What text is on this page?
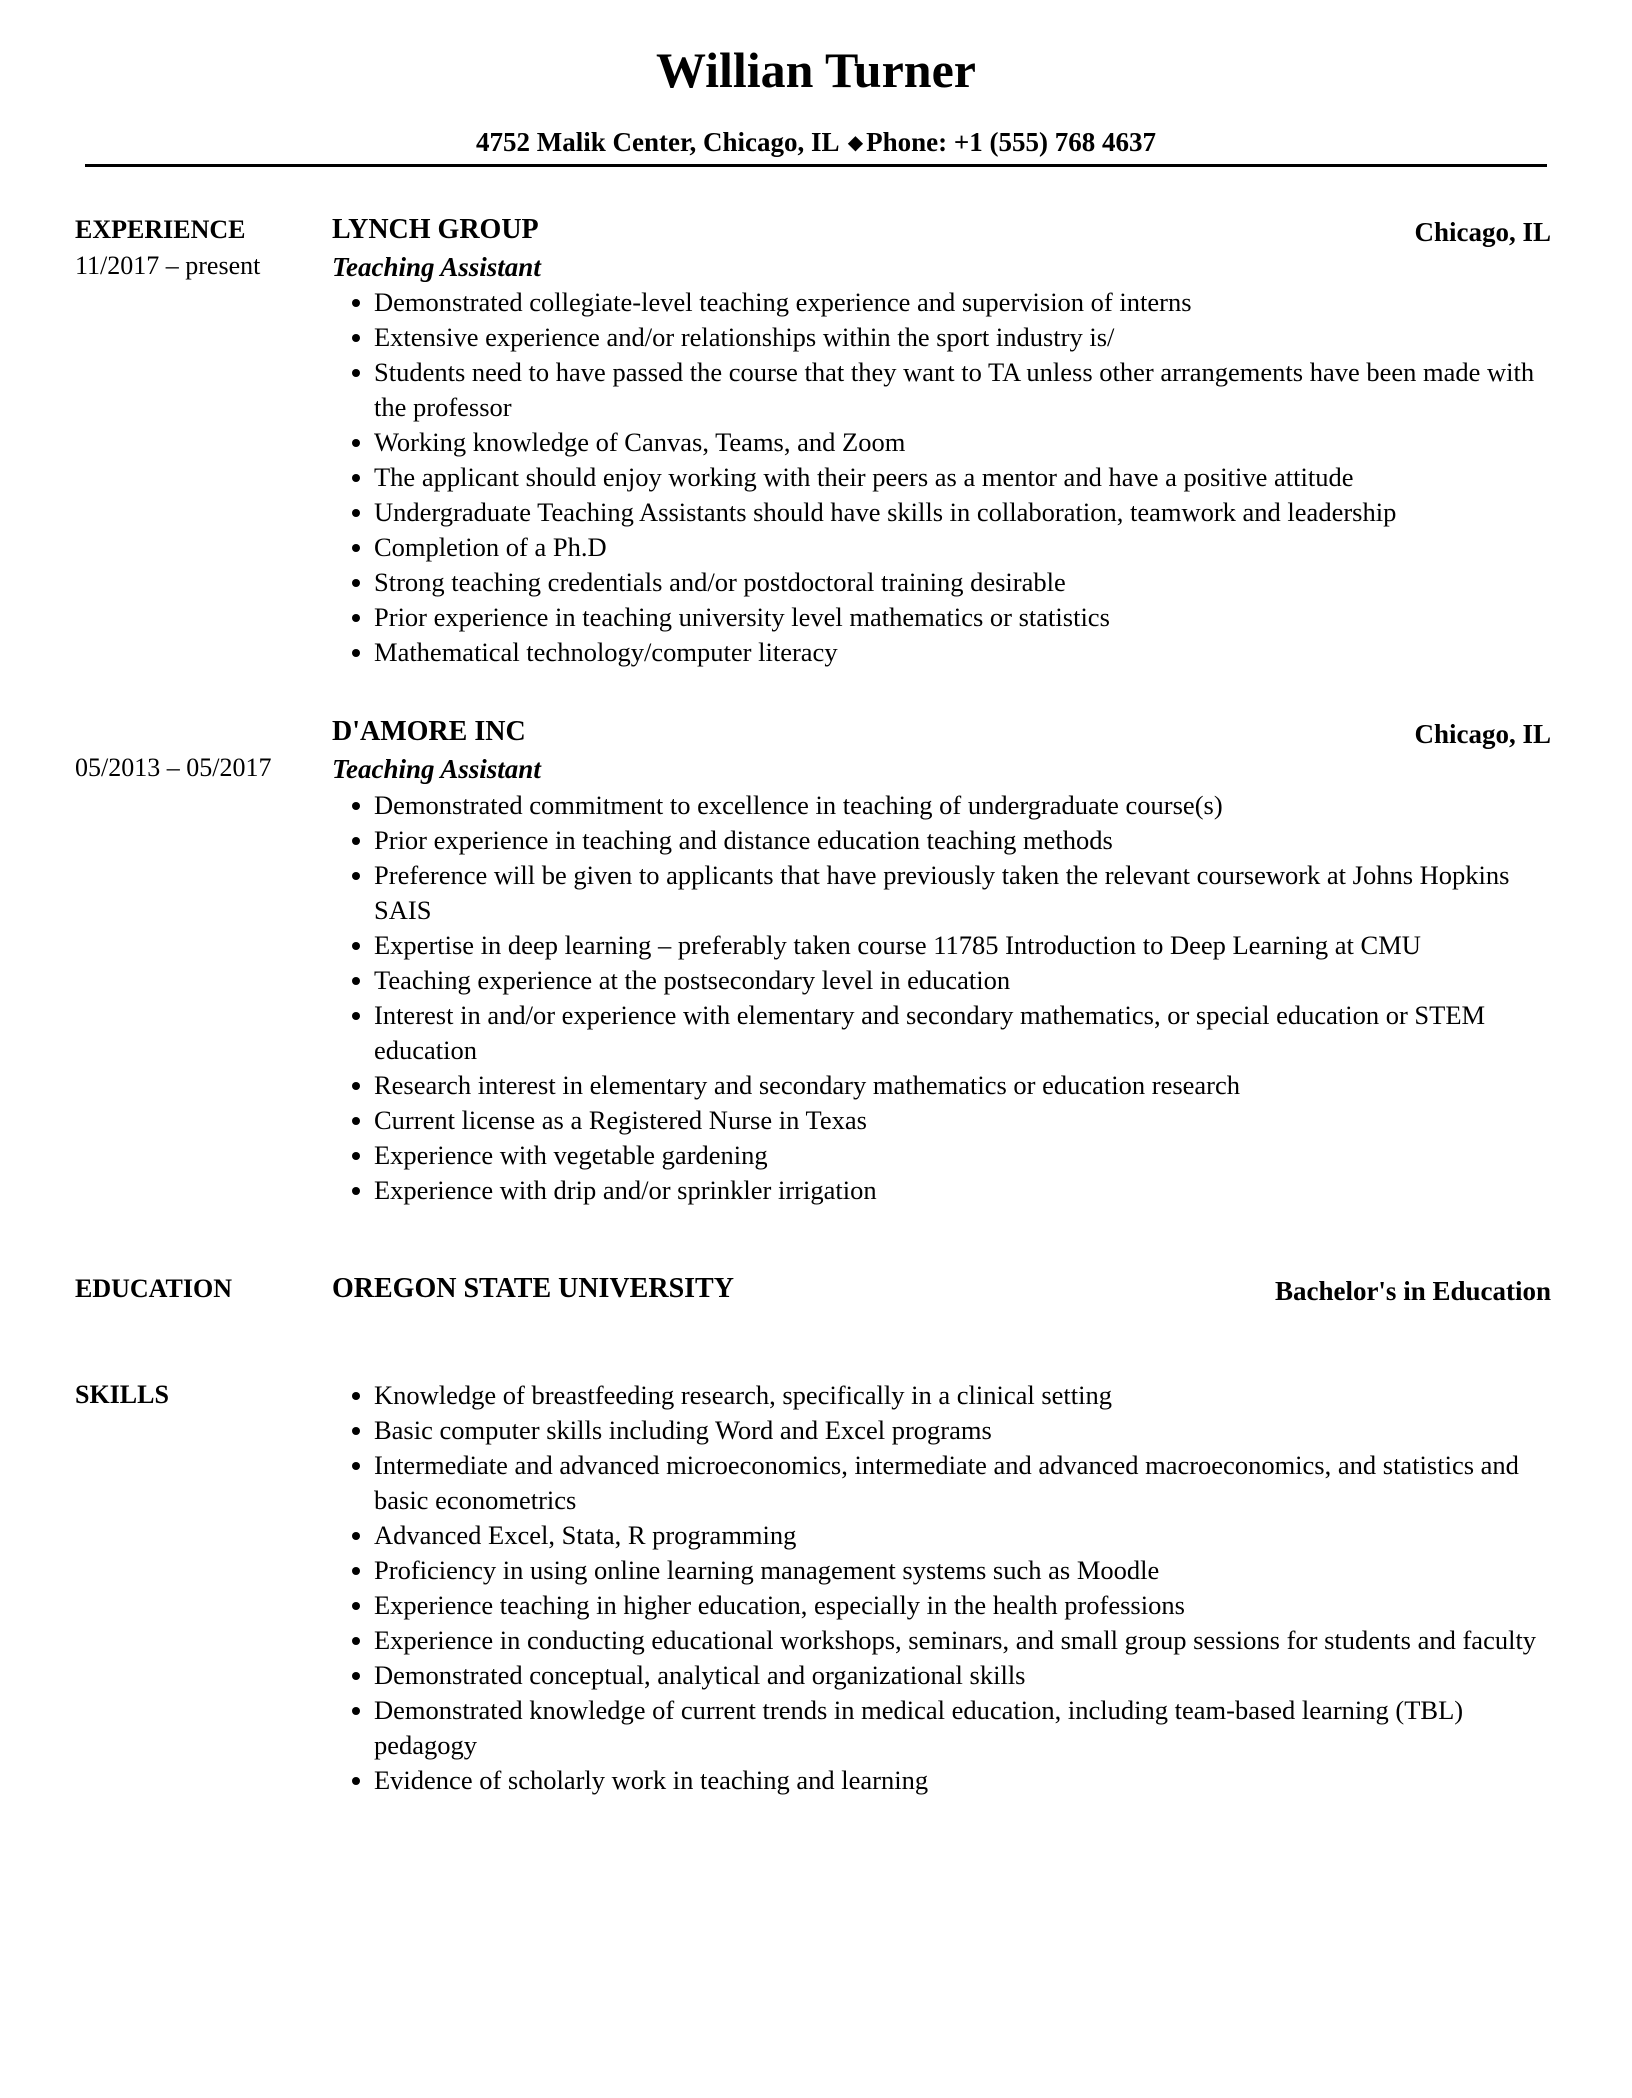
Willian Turner
4752 Malik Center, Chicago, IL ◆ Phone: +1 (555) 768 4637
EXPERIENCE	LYNCH GROUP	Chicago, IL
11/2017 – present	Teaching Assistant
Demonstrated collegiate-level teaching experience and supervision of interns
Extensive experience and/or relationships within the sport industry is/
Students need to have passed the course that they want to TA unless other arrangements have been made with the professor
Working knowledge of Canvas, Teams, and Zoom
The applicant should enjoy working with their peers as a mentor and have a positive attitude
Undergraduate Teaching Assistants should have skills in collaboration, teamwork and leadership
Completion of a Ph.D
Strong teaching credentials and/or postdoctoral training desirable
Prior experience in teaching university level mathematics or statistics
Mathematical technology/computer literacy
D'AMORE INC	Chicago, IL
05/2013 – 05/2017 Teaching Assistant
Demonstrated commitment to excellence in teaching of undergraduate course(s)
Prior experience in teaching and distance education teaching methods
Preference will be given to applicants that have previously taken the relevant coursework at Johns Hopkins SAIS
Expertise in deep learning – preferably taken course 11785 Introduction to Deep Learning at CMU
Teaching experience at the postsecondary level in education
Interest in and/or experience with elementary and secondary mathematics, or special education or STEM education
Research interest in elementary and secondary mathematics or education research
Current license as a Registered Nurse in Texas
Experience with vegetable gardening
Experience with drip and/or sprinkler irrigation
EDUCATION	OREGON STATE UNIVERSITY	Bachelor's in Education
SKILLS	Knowledge of breastfeeding research, specifically in a clinical setting
Basic computer skills including Word and Excel programs
Intermediate and advanced microeconomics, intermediate and advanced macroeconomics, and statistics and basic econometrics
Advanced Excel, Stata, R programming
Proficiency in using online learning management systems such as Moodle
Experience teaching in higher education, especially in the health professions
Experience in conducting educational workshops, seminars, and small group sessions for students and faculty
Demonstrated conceptual, analytical and organizational skills
Demonstrated knowledge of current trends in medical education, including team-based learning (TBL) pedagogy
Evidence of scholarly work in teaching and learning
